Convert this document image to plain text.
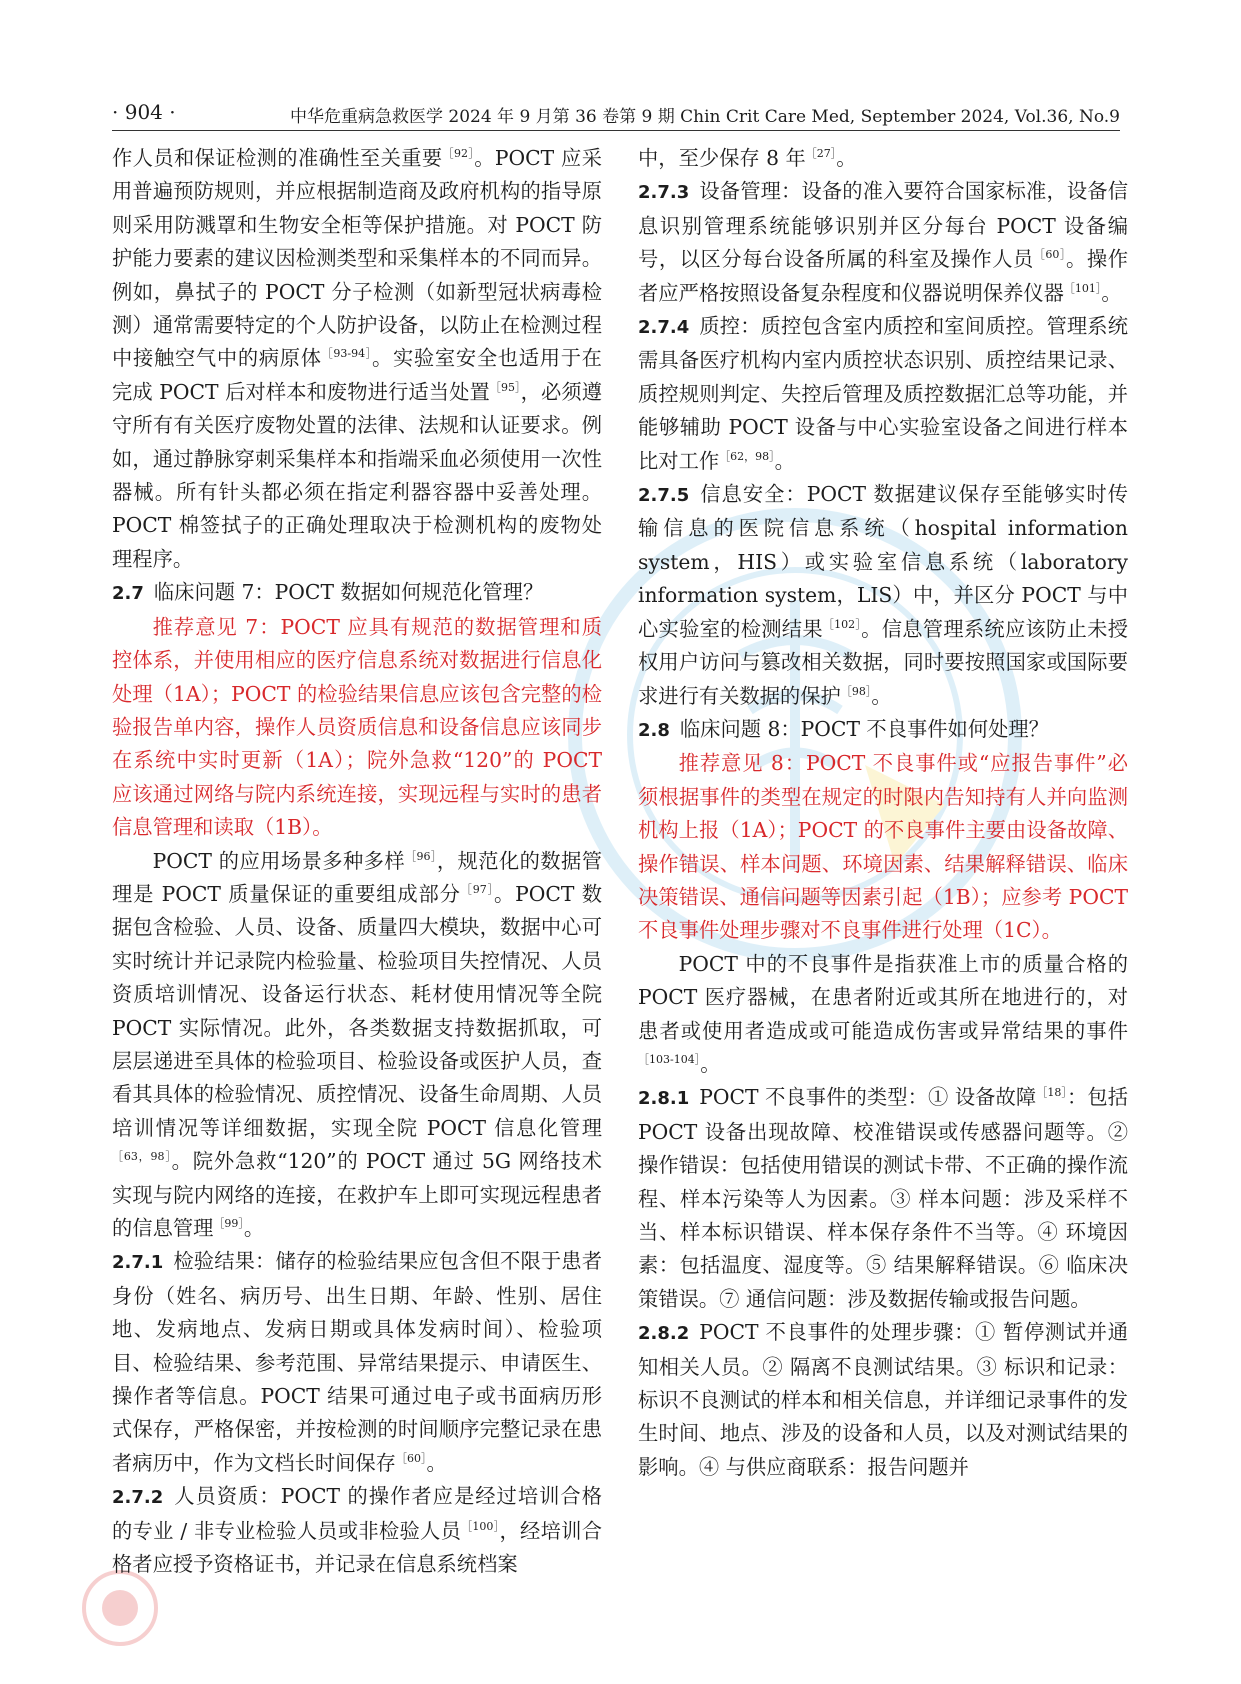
· 904 ·	中华危重病急救医学 2024 年 9 月第 36 卷第 9 期 Chin Crit Care Med, September 2024, Vol.36, No.9

作人员和保证检测的准确性至关重要$^{[92]}$。POCT 应采用普遍预防规则，并应根据制造商及政府机构的指导原则采用防溅罩和生物安全柜等保护措施。对 POCT 防护能力要素的建议因检测类型和采集样本的不同而异。例如，鼻拭子的 POCT 分子检测（如新型冠状病毒检测）通常需要特定的个人防护设备，以防止在检测过程中接触空气中的病原体$^{[93-94]}$。实验室安全也适用于在完成 POCT 后对样本和废物进行适当处置$^{[95]}$，必须遵守所有有关医疗废物处置的法律、法规和认证要求。例如，通过静脉穿刺采集样本和指端采血必须使用一次性器械。所有针头都必须在指定利器容器中妥善处理。POCT 棉签拭子的正确处理取决于检测机构的废物处理程序。

2.7 临床问题 7：POCT 数据如何规范化管理？

推荐意见 7：POCT 应具有规范的数据管理和质控体系，并使用相应的医疗信息系统对数据进行信息化处理（1A）；POCT 的检验结果信息应该包含完整的检验报告单内容，操作人员资质信息和设备信息应该同步在系统中实时更新（1A）；院外急救“120”的 POCT 应该通过网络与院内系统连接，实现远程与实时的患者信息管理和读取（1B）。

POCT 的应用场景多种多样$^{[96]}$，规范化的数据管理是 POCT 质量保证的重要组成部分$^{[97]}$。POCT 数据包含检验、人员、设备、质量四大模块，数据中心可实时统计并记录院内检验量、检验项目失控情况、人员资质培训情况、设备运行状态、耗材使用情况等全院 POCT 实际情况。此外，各类数据支持数据抓取，可层层递进至具体的检验项目、检验设备或医护人员，查看其具体的检验情况、质控情况、设备生命周期、人员培训情况等详细数据，实现全院 POCT 信息化管理$^{[63,98]}$。院外急救“120”的 POCT 通过 5G 网络技术实现与院内网络的连接，在救护车上即可实现远程患者的信息管理$^{[99]}$。

2.7.1 检验结果：储存的检验结果应包含但不限于患者身份（姓名、病历号、出生日期、年龄、性别、居住地、发病地点、发病日期或具体发病时间）、检验项目、检验结果、参考范围、异常结果提示、申请医生、操作者等信息。POCT 结果可通过电子或书面病历形式保存，严格保密，并按检测的时间顺序完整记录在患者病历中，作为文档长时间保存$^{[60]}$。

2.7.2 人员资质：POCT 的操作者应是经过培训合格的专业 / 非专业检验人员或非检验人员$^{[100]}$，经培训合格者应授予资格证书，并记录在信息系统档案

中，至少保存 8 年$^{[27]}$。

2.7.3 设备管理：设备的准入要符合国家标准，设备信息识别管理系统能够识别并区分每台 POCT 设备编号，以区分每台设备所属的科室及操作人员$^{[60]}$。操作者应严格按照设备复杂程度和仪器说明保养仪器$^{[101]}$。

2.7.4 质控：质控包含室内质控和室间质控。管理系统需具备医疗机构内室内质控状态识别、质控结果记录、质控规则判定、失控后管理及质控数据汇总等功能，并能够辅助 POCT 设备与中心实验室设备之间进行样本比对工作$^{[62,98]}$。

2.7.5 信息安全：POCT 数据建议保存至能够实时传输信息的医院信息系统（hospital information system，HIS）或实验室信息系统（laboratory information system，LIS）中，并区分 POCT 与中心实验室的检测结果$^{[102]}$。信息管理系统应该防止未授权用户访问与篡改相关数据，同时要按照国家或国际要求进行有关数据的保护$^{[98]}$。

2.8 临床问题 8：POCT 不良事件如何处理？

推荐意见 8：POCT 不良事件或“应报告事件”必须根据事件的类型在规定的时限内告知持有人并向监测机构上报（1A）；POCT 的不良事件主要由设备故障、操作错误、样本问题、环境因素、结果解释错误、临床决策错误、通信问题等因素引起（1B）；应参考 POCT 不良事件处理步骤对不良事件进行处理（1C）。

POCT 中的不良事件是指获准上市的质量合格的 POCT 医疗器械，在患者附近或其所在地进行的，对患者或使用者造成或可能造成伤害或异常结果的事件$^{[103-104]}$。

2.8.1 POCT 不良事件的类型：① 设备故障$^{[18]}$：包括 POCT 设备出现故障、校准错误或传感器问题等。② 操作错误：包括使用错误的测试卡带、不正确的操作流程、样本污染等人为因素。③ 样本问题：涉及采样不当、样本标识错误、样本保存条件不当等。④ 环境因素：包括温度、湿度等。⑤ 结果解释错误。⑥ 临床决策错误。⑦ 通信问题：涉及数据传输或报告问题。

2.8.2 POCT 不良事件的处理步骤：① 暂停测试并通知相关人员。② 隔离不良测试结果。③ 标识和记录：标识不良测试的样本和相关信息，并详细记录事件的发生时间、地点、涉及的设备和人员，以及对测试结果的影响。④ 与供应商联系：报告问题并
